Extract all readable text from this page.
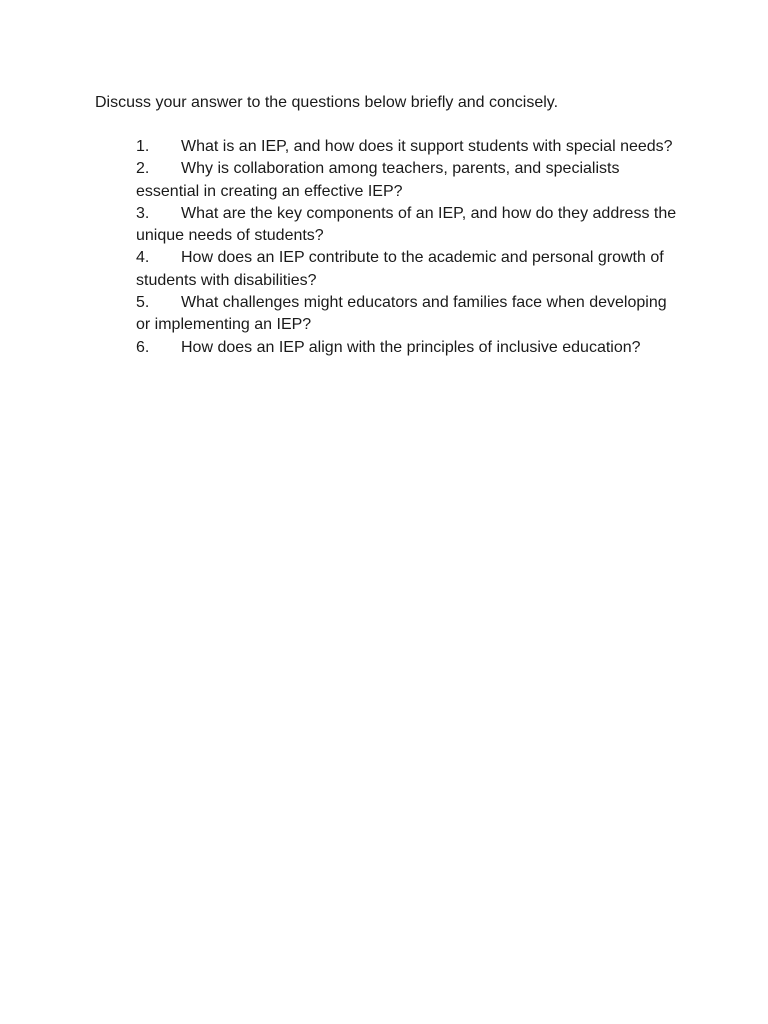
Discuss your answer to the questions below briefly and concisely.
1. What is an IEP, and how does it support students with special needs?
2. Why is collaboration among teachers, parents, and specialists essential in creating an effective IEP?
3. What are the key components of an IEP, and how do they address the unique needs of students?
4. How does an IEP contribute to the academic and personal growth of students with disabilities?
5. What challenges might educators and families face when developing or implementing an IEP?
6. How does an IEP align with the principles of inclusive education?
